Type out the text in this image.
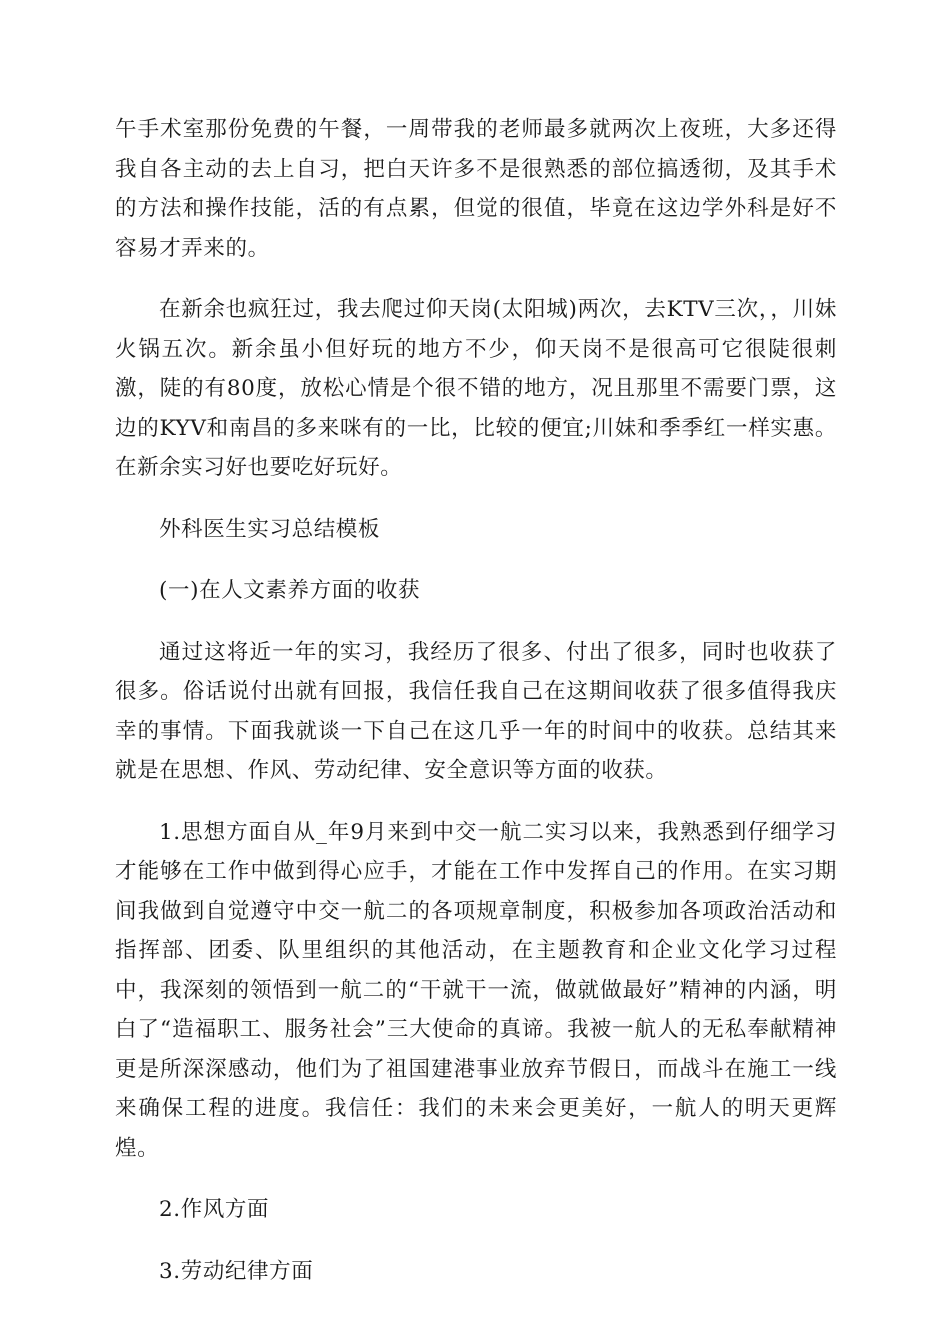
午手术室那份免费的午餐，一周带我的老师最多就两次上夜班，大多还得我自各主动的去上自习，把白天许多不是很熟悉的部位搞透彻，及其手术的方法和操作技能，活的有点累，但觉的很值，毕竟在这边学外科是好不容易才弄来的。

在新余也疯狂过，我去爬过仰天岗(太阳城)两次，去KTV三次，，川妹火锅五次。新余虽小但好玩的地方不少，仰天岗不是很高可它很陡很刺激，陡的有80度，放松心情是个很不错的地方，况且那里不需要门票，这边的KYV和南昌的多来咪有的一比，比较的便宜;川妹和季季红一样实惠。在新余实习好也要吃好玩好。

外科医生实习总结模板

(一)在人文素养方面的收获

通过这将近一年的实习，我经历了很多、付出了很多，同时也收获了很多。俗话说付出就有回报，我信任我自己在这期间收获了很多值得我庆幸的事情。下面我就谈一下自己在这几乎一年的时间中的收获。总结其来就是在思想、作风、劳动纪律、安全意识等方面的收获。

1.思想方面自从_年9月来到中交一航二实习以来，我熟悉到仔细学习才能够在工作中做到得心应手，才能在工作中发挥自己的作用。在实习期间我做到自觉遵守中交一航二的各项规章制度，积极参加各项政治活动和指挥部、团委、队里组织的其他活动，在主题教育和企业文化学习过程中，我深刻的领悟到一航二的“干就干一流，做就做最好”精神的内涵，明白了“造福职工、服务社会”三大使命的真谛。我被一航人的无私奉献精神更是所深深感动，他们为了祖国建港事业放弃节假日，而战斗在施工一线来确保工程的进度。我信任：我们的未来会更美好，一航人的明天更辉煌。

2.作风方面

3.劳动纪律方面
